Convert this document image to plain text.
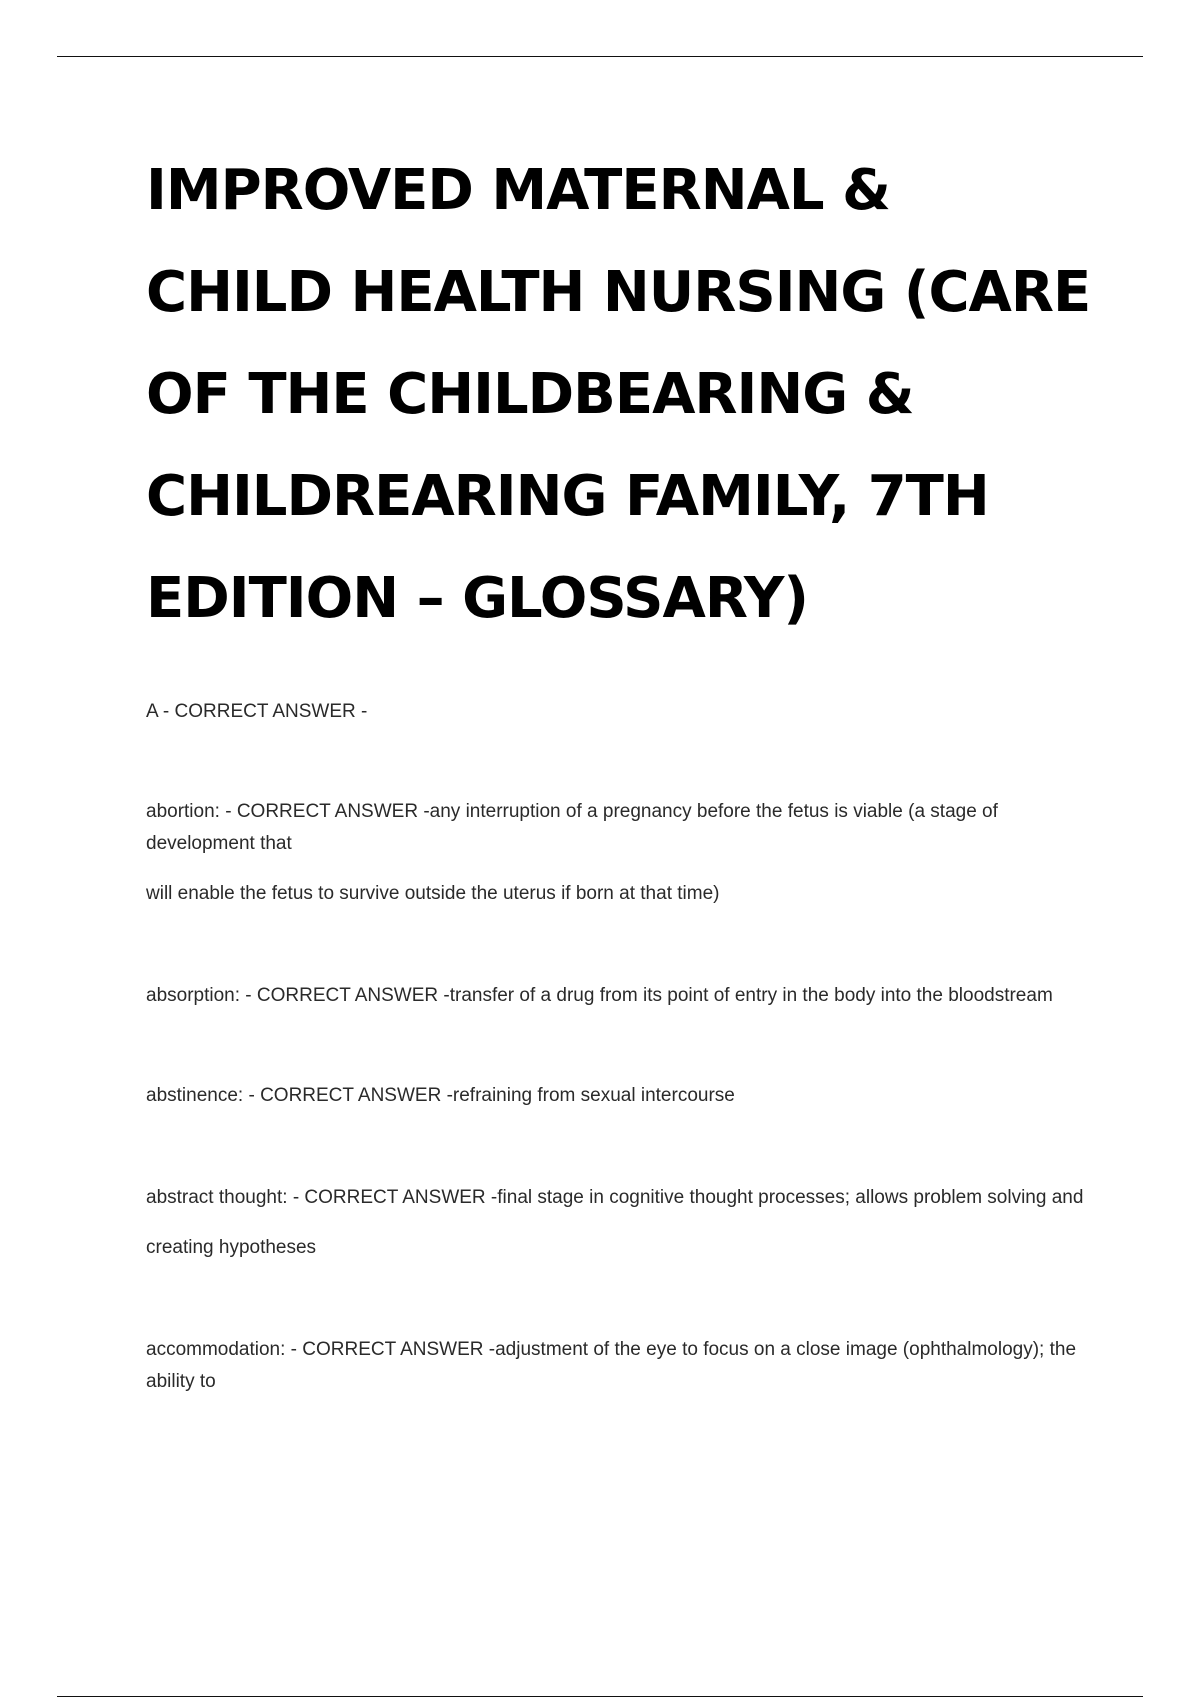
IMPROVED MATERNAL &
CHILD HEALTH NURSING (CARE
OF THE CHILDBEARING &
CHILDREARING FAMILY, 7TH
EDITION – GLOSSARY)

A - CORRECT ANSWER -

abortion: - CORRECT ANSWER -any interruption of a pregnancy before the fetus is viable (a stage of development that

will enable the fetus to survive outside the uterus if born at that time)

absorption: - CORRECT ANSWER -transfer of a drug from its point of entry in the body into the bloodstream

abstinence: - CORRECT ANSWER -refraining from sexual intercourse

abstract thought: - CORRECT ANSWER -final stage in cognitive thought processes; allows problem solving and

creating hypotheses

accommodation: - CORRECT ANSWER -adjustment of the eye to focus on a close image (ophthalmology); the ability to
